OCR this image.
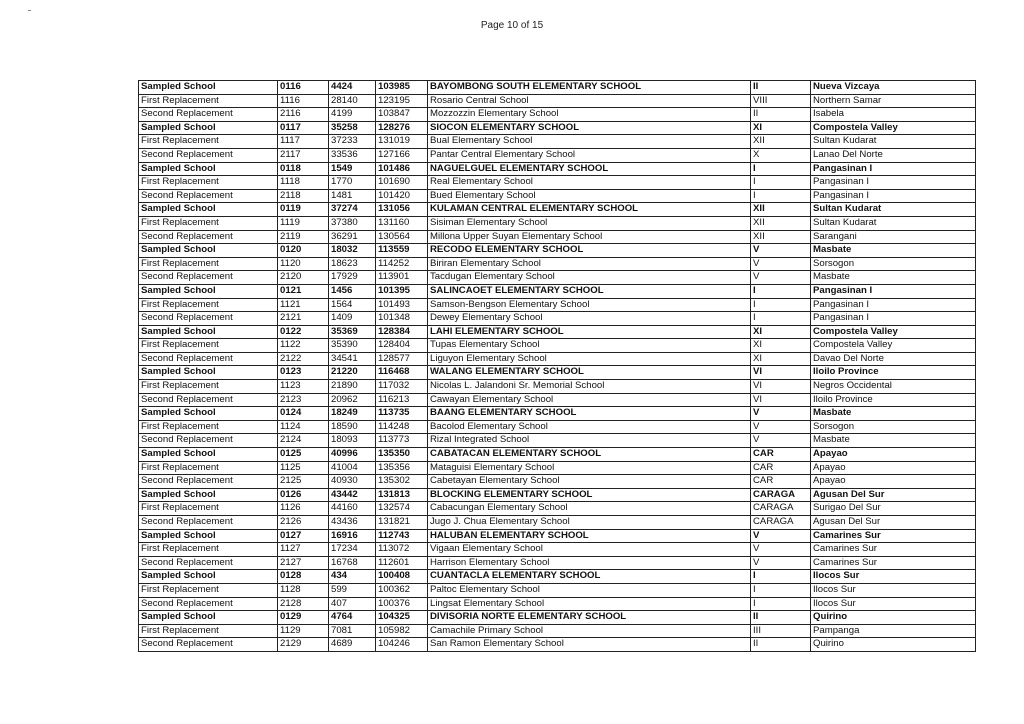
Page 10 of 15
Sampled School	0116	4424	103985	BAYOMBONG SOUTH ELEMENTARY SCHOOL	II	Nueva Vizcaya
First Replacement	1116	28140	123195	Rosario Central School	VIII	Northern Samar
Second Replacement	2116	4199	103847	Mozzozzin Elementary School	II	Isabela
Sampled School	0117	35258	128276	SIOCON ELEMENTARY SCHOOL	XI	Compostela Valley
First Replacement	1117	37233	131019	Bual Elementary School	XII	Sultan Kudarat
Second Replacement	2117	33536	127166	Pantar Central Elementary School	X	Lanao Del Norte
Sampled School	0118	1549	101486	NAGUELGUEL ELEMENTARY SCHOOL	I	Pangasinan I
First Replacement	1118	1770	101690	Real Elementary School	I	Pangasinan I
Second Replacement	2118	1481	101420	Bued Elementary School	I	Pangasinan I
Sampled School	0119	37274	131056	KULAMAN CENTRAL ELEMENTARY SCHOOL	XII	Sultan Kudarat
First Replacement	1119	37380	131160	Sisiman Elementary School	XII	Sultan Kudarat
Second Replacement	2119	36291	130564	Millona Upper Suyan Elementary School	XII	Sarangani
Sampled School	0120	18032	113559	RECODO ELEMENTARY SCHOOL	V	Masbate
First Replacement	1120	18623	114252	Biriran Elementary School	V	Sorsogon
Second Replacement	2120	17929	113901	Tacdugan Elementary School	V	Masbate
Sampled School	0121	1456	101395	SALINCAOET ELEMENTARY SCHOOL	I	Pangasinan I
First Replacement	1121	1564	101493	Samson-Bengson Elementary School	I	Pangasinan I
Second Replacement	2121	1409	101348	Dewey Elementary School	I	Pangasinan I
Sampled School	0122	35369	128384	LAHI ELEMENTARY SCHOOL	XI	Compostela Valley
First Replacement	1122	35390	128404	Tupas Elementary School	XI	Compostela Valley
Second Replacement	2122	34541	128577	Liguyon Elementary School	XI	Davao Del Norte
Sampled School	0123	21220	116468	WALANG ELEMENTARY SCHOOL	VI	Iloilo Province
First Replacement	1123	21890	117032	Nicolas L. Jalandoni Sr. Memorial School	VI	Negros Occidental
Second Replacement	2123	20962	116213	Cawayan Elementary School	VI	Iloilo Province
Sampled School	0124	18249	113735	BAANG ELEMENTARY SCHOOL	V	Masbate
First Replacement	1124	18590	114248	Bacolod Elementary School	V	Sorsogon
Second Replacement	2124	18093	113773	Rizal Integrated School	V	Masbate
Sampled School	0125	40996	135350	CABATACAN ELEMENTARY SCHOOL	CAR	Apayao
First Replacement	1125	41004	135356	Mataguisi Elementary School	CAR	Apayao
Second Replacement	2125	40930	135302	Cabetayan Elementary School	CAR	Apayao
Sampled School	0126	43442	131813	BLOCKING ELEMENTARY SCHOOL	CARAGA	Agusan Del Sur
First Replacement	1126	44160	132574	Cabacungan Elementary School	CARAGA	Surigao Del Sur
Second Replacement	2126	43436	131821	Jugo J. Chua Elementary School	CARAGA	Agusan Del Sur
Sampled School	0127	16916	112743	HALUBAN ELEMENTARY SCHOOL	V	Camarines Sur
First Replacement	1127	17234	113072	Vigaan Elementary School	V	Camarines Sur
Second Replacement	2127	16768	112601	Harrison Elementary School	V	Camarines Sur
Sampled School	0128	434	100408	CUANTACLA ELEMENTARY SCHOOL	I	Ilocos Sur
First Replacement	1128	599	100362	Paltoc Elementary School	I	Ilocos Sur
Second Replacement	2128	407	100376	Lingsat Elementary School	I	Ilocos Sur
Sampled School	0129	4764	104325	DIVISORIA NORTE ELEMENTARY SCHOOL	II	Quirino
First Replacement	1129	7081	105982	Camachile Primary School	III	Pampanga
Second Replacement	2129	4689	104246	San Ramon Elementary School	II	Quirino
